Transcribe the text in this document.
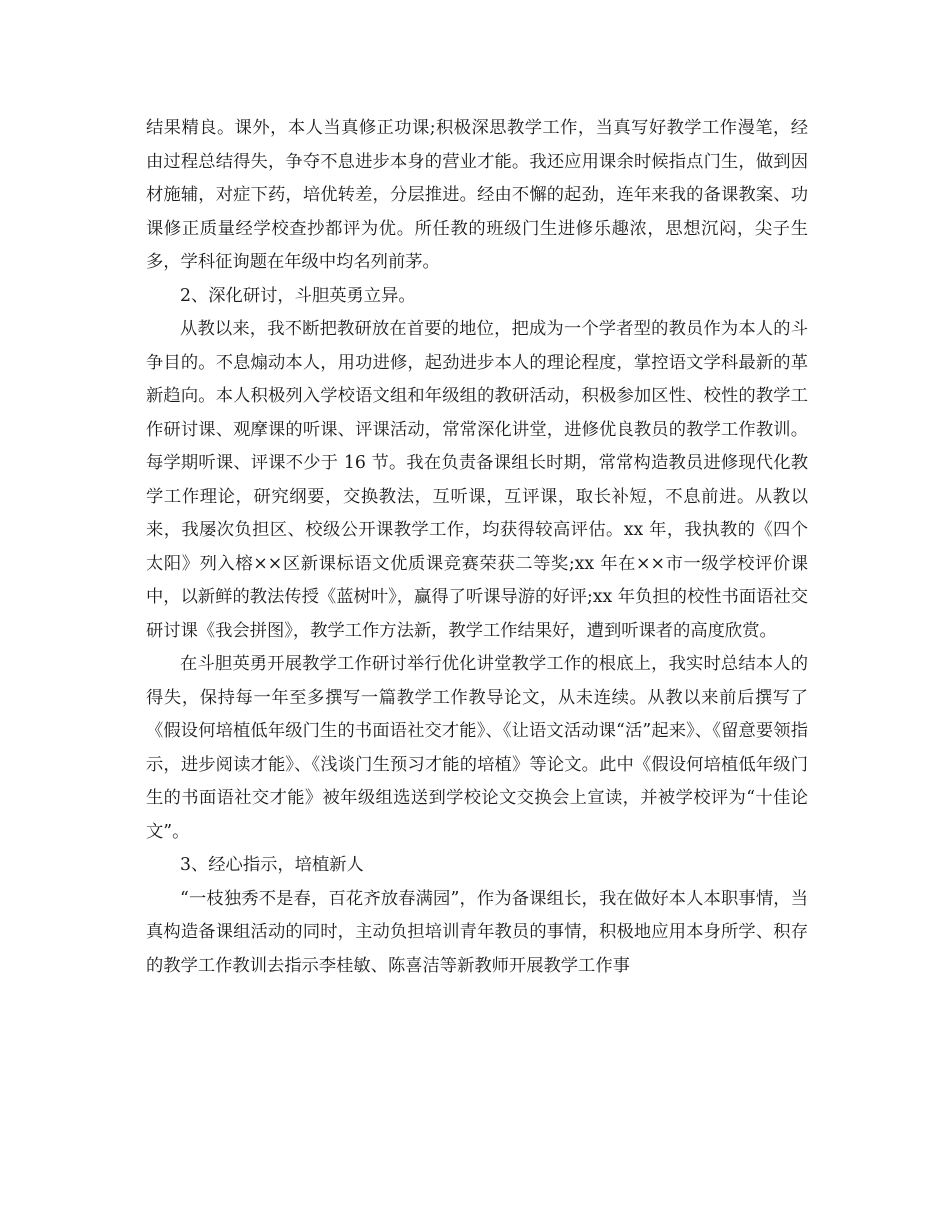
结果精良。课外，本人当真修正功课;积极深思教学工作，当真写好教学工作漫笔，经由过程总结得失，争夺不息进步本身的营业才能。我还应用课余时候指点门生，做到因材施辅，对症下药，培优转差，分层推进。经由不懈的起劲，连年来我的备课教案、功课修正质量经学校查抄都评为优。所任教的班级门生进修乐趣浓，思想沉闷，尖子生多，学科征询题在年级中均名列前茅。

2、深化研讨，斗胆英勇立异。

从教以来，我不断把教研放在首要的地位，把成为一个学者型的教员作为本人的斗争目的。不息煽动本人，用功进修，起劲进步本人的理论程度，掌控语文学科最新的革新趋向。本人积极列入学校语文组和年级组的教研活动，积极参加区性、校性的教学工作研讨课、观摩课的听课、评课活动，常常深化讲堂，进修优良教员的教学工作教训。每学期听课、评课不少于 16 节。我在负责备课组长时期，常常构造教员进修现代化教学工作理论，研究纲要，交换教法，互听课，互评课，取长补短，不息前进。从教以来，我屡次负担区、校级公开课教学工作，均获得较高评估。xx 年，我执教的《四个太阳》列入榕××区新课标语文优质课竞赛荣获二等奖;xx 年在××市一级学校评价课中，以新鲜的教法传授《蓝树叶》，赢得了听课导游的好评;xx 年负担的校性书面语社交研讨课《我会拼图》，教学工作方法新，教学工作结果好，遭到听课者的高度欣赏。

在斗胆英勇开展教学工作研讨举行优化讲堂教学工作的根底上，我实时总结本人的得失，保持每一年至多撰写一篇教学工作教导论文，从未连续。从教以来前后撰写了《假设何培植低年级门生的书面语社交才能》、《让语文活动课“活”起来》、《留意要领指示，进步阅读才能》、《浅谈门生预习才能的培植》等论文。此中《假设何培植低年级门生的书面语社交才能》被年级组选送到学校论文交换会上宣读，并被学校评为“十佳论文”。

3、经心指示，培植新人

“一枝独秀不是春，百花齐放春满园”，作为备课组长，我在做好本人本职事情，当真构造备课组活动的同时，主动负担培训青年教员的事情，积极地应用本身所学、积存的教学工作教训去指示李桂敏、陈喜洁等新教师开展教学工作事
